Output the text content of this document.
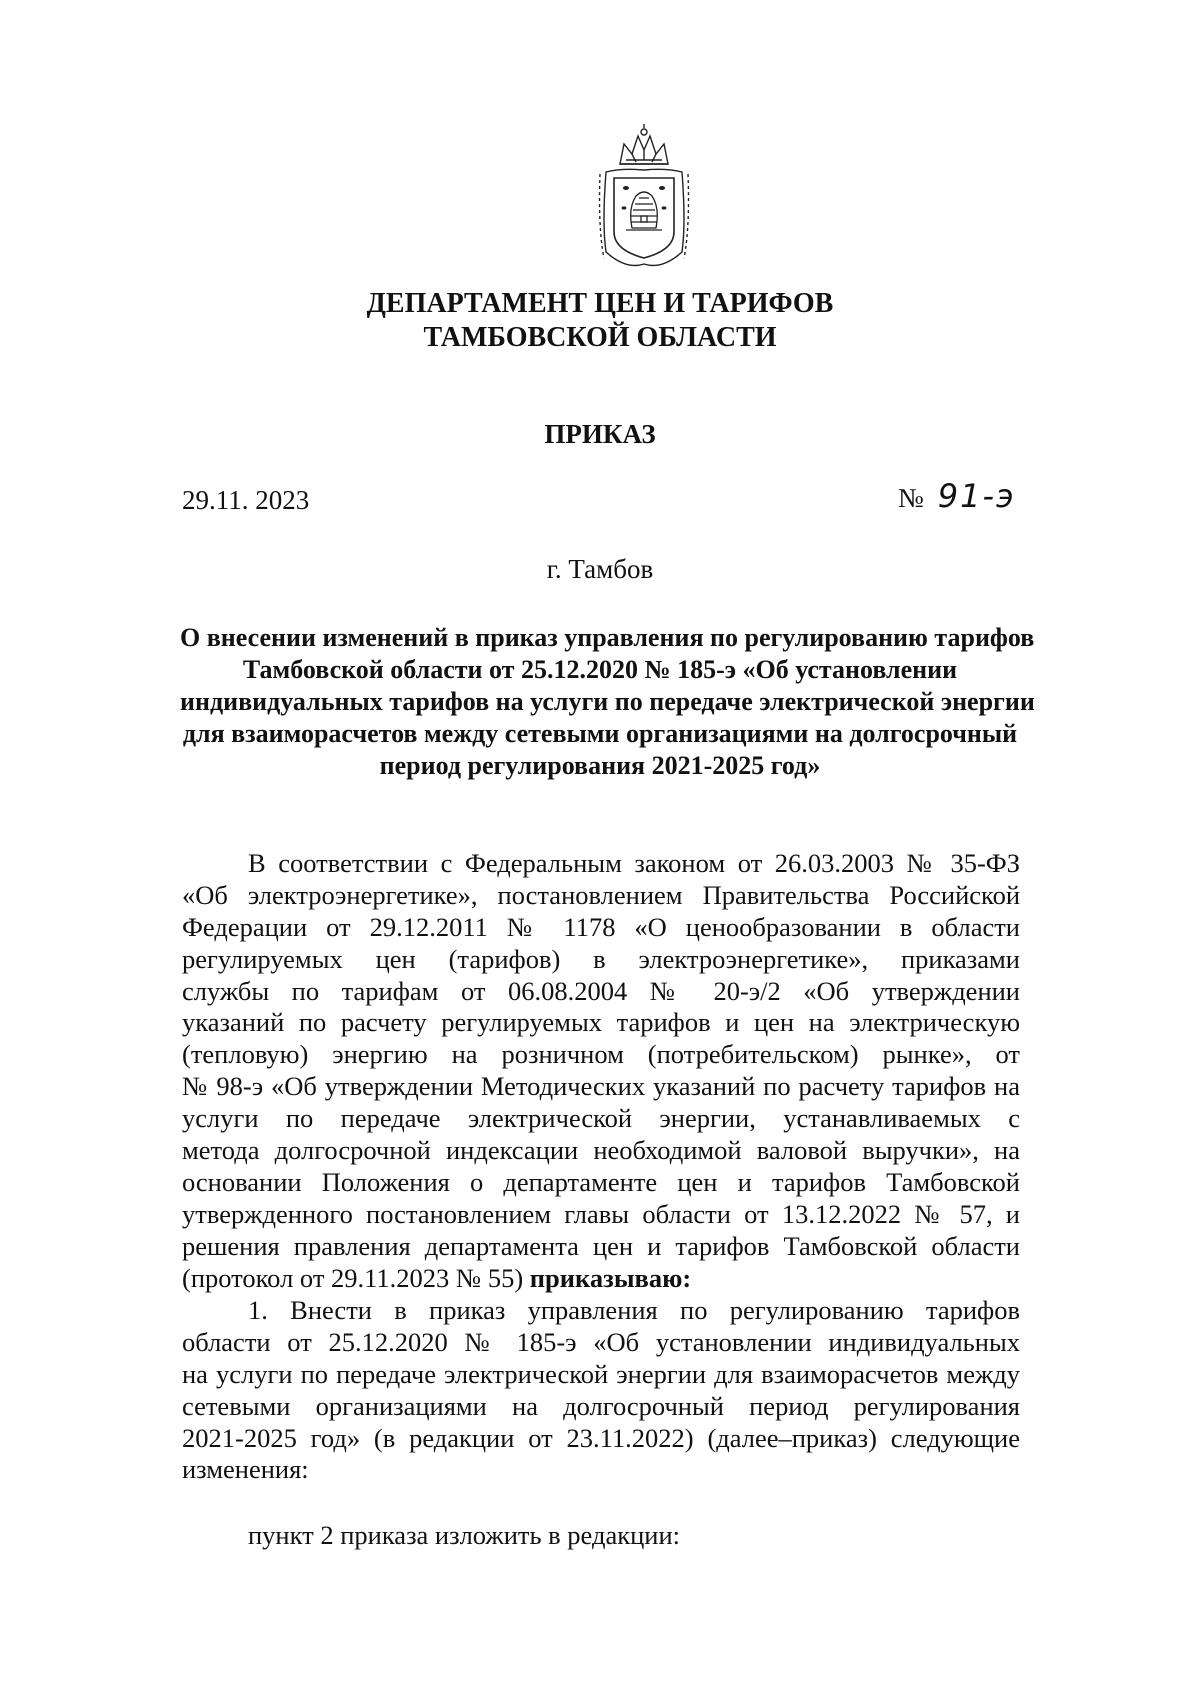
ДЕПАРТАМЕНТ ЦЕН И ТАРИФОВ
ТАМБОВСКОЙ ОБЛАСТИ
ПРИКАЗ
29.11. 2023	№ 91-э
г. Тамбов
О внесении изменений в приказ управления по регулированию тарифов
Тамбовской области от 25.12.2020 № 185-э «Об установлении
индивидуальных тарифов на услуги по передаче электрической энергии
для взаиморасчетов между сетевыми организациями на долгосрочный
период регулирования 2021-2025 год»
В соответствии с Федеральным законом от 26.03.2003 № 35-ФЗ
«Об электроэнергетике», постановлением Правительства Российской
Федерации от 29.12.2011 № 1178 «О ценообразовании в области
регулируемых цен (тарифов) в электроэнергетике», приказами
службы по тарифам от 06.08.2004 № 20-э/2 «Об утверждении
указаний по расчету регулируемых тарифов и цен на электрическую
(тепловую) энергию на розничном (потребительском) рынке», от
№ 98-э «Об утверждении Методических указаний по расчету тарифов на
услуги по передаче электрической энергии, устанавливаемых с
метода долгосрочной индексации необходимой валовой выручки», на
основании Положения о департаменте цен и тарифов Тамбовской
утвержденного постановлением главы области от 13.12.2022 № 57, и
решения правления департамента цен и тарифов Тамбовской области
(протокол от 29.11.2023 № 55) приказываю:
1. Внести в приказ управления по регулированию тарифов
области от 25.12.2020 № 185-э «Об установлении индивидуальных
на услуги по передаче электрической энергии для взаиморасчетов между
сетевыми организациями на долгосрочный период регулирования
2021-2025 год» (в редакции от 23.11.2022) (далее–приказ) следующие
изменения:
пункт 2 приказа изложить в редакции:
